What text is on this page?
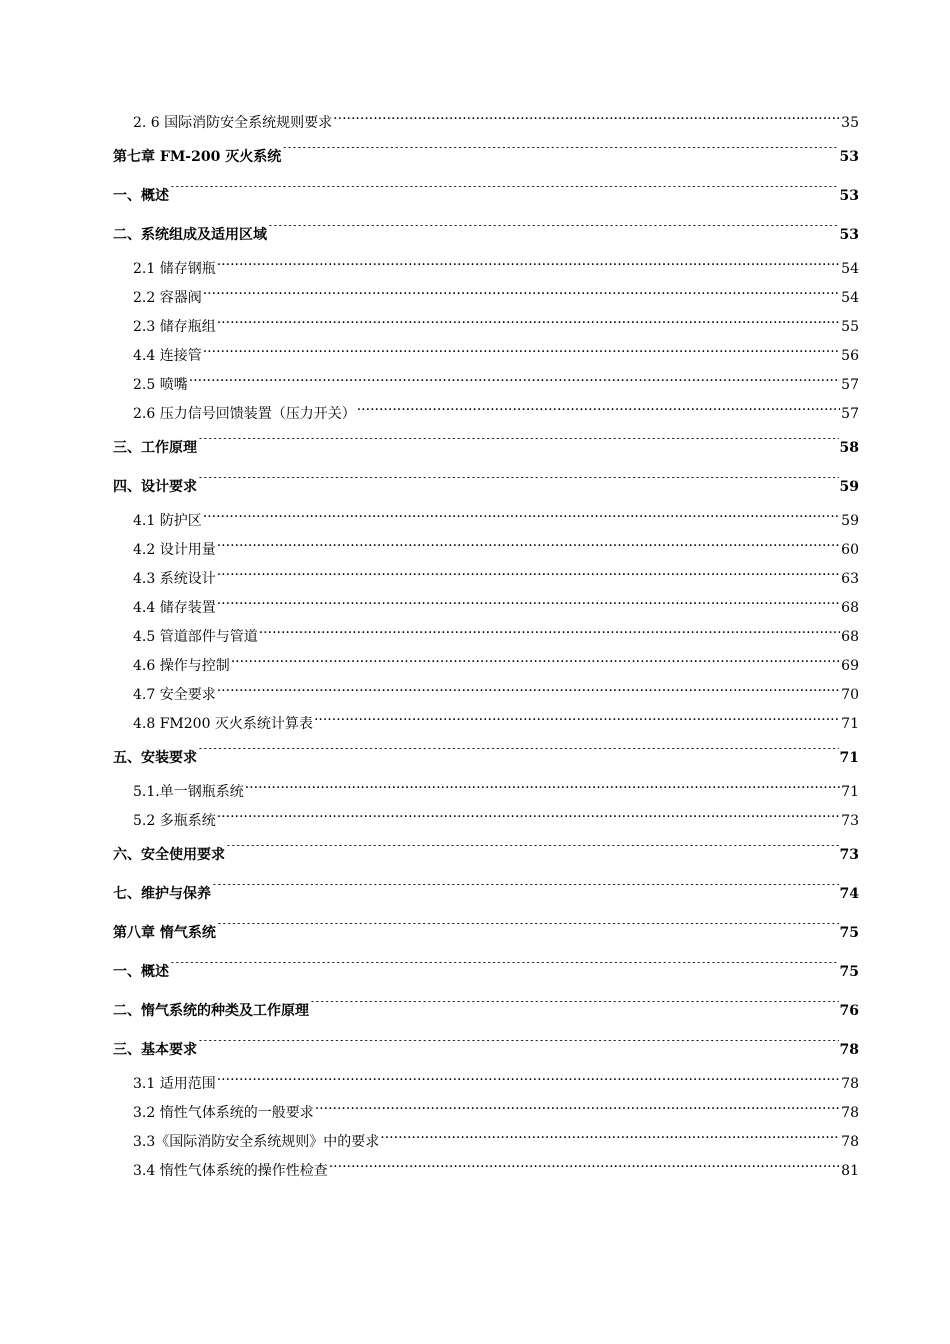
2. 6 国际消防安全系统规则要求 .....	35
第七章 FM-200 灭火系统 .....	53
一、概述 .....	53
二、系统组成及适用区域 .....	53
2.1 储存钢瓶 .....	54
2.2 容器阀 .....	54
2.3 储存瓶组 .....	55
4.4 连接管 .....	56
2.5 喷嘴 .....	57
2.6 压力信号回馈装置（压力开关） .....	57
三、工作原理 .....	58
四、设计要求 .....	59
4.1 防护区 .....	59
4.2 设计用量 .....	60
4.3 系统设计 .....	63
4.4 储存装置 .....	68
4.5 管道部件与管道 .....	68
4.6 操作与控制 .....	69
4.7 安全要求 .....	70
4.8 FM200 灭火系统计算表 .....	71
五、安装要求 .....	71
5.1.单一钢瓶系统 .....	71
5.2 多瓶系统 .....	73
六、安全使用要求 .....	73
七、维护与保养 .....	74
第八章 惰气系统 .....	75
一、概述 .....	75
二、惰气系统的种类及工作原理 .....	76
三、基本要求 .....	78
3.1 适用范围 .....	78
3.2 惰性气体系统的一般要求 .....	78
3.3《国际消防安全系统规则》中的要求 .....	78
3.4 惰性气体系统的操作性检查 .....	81
